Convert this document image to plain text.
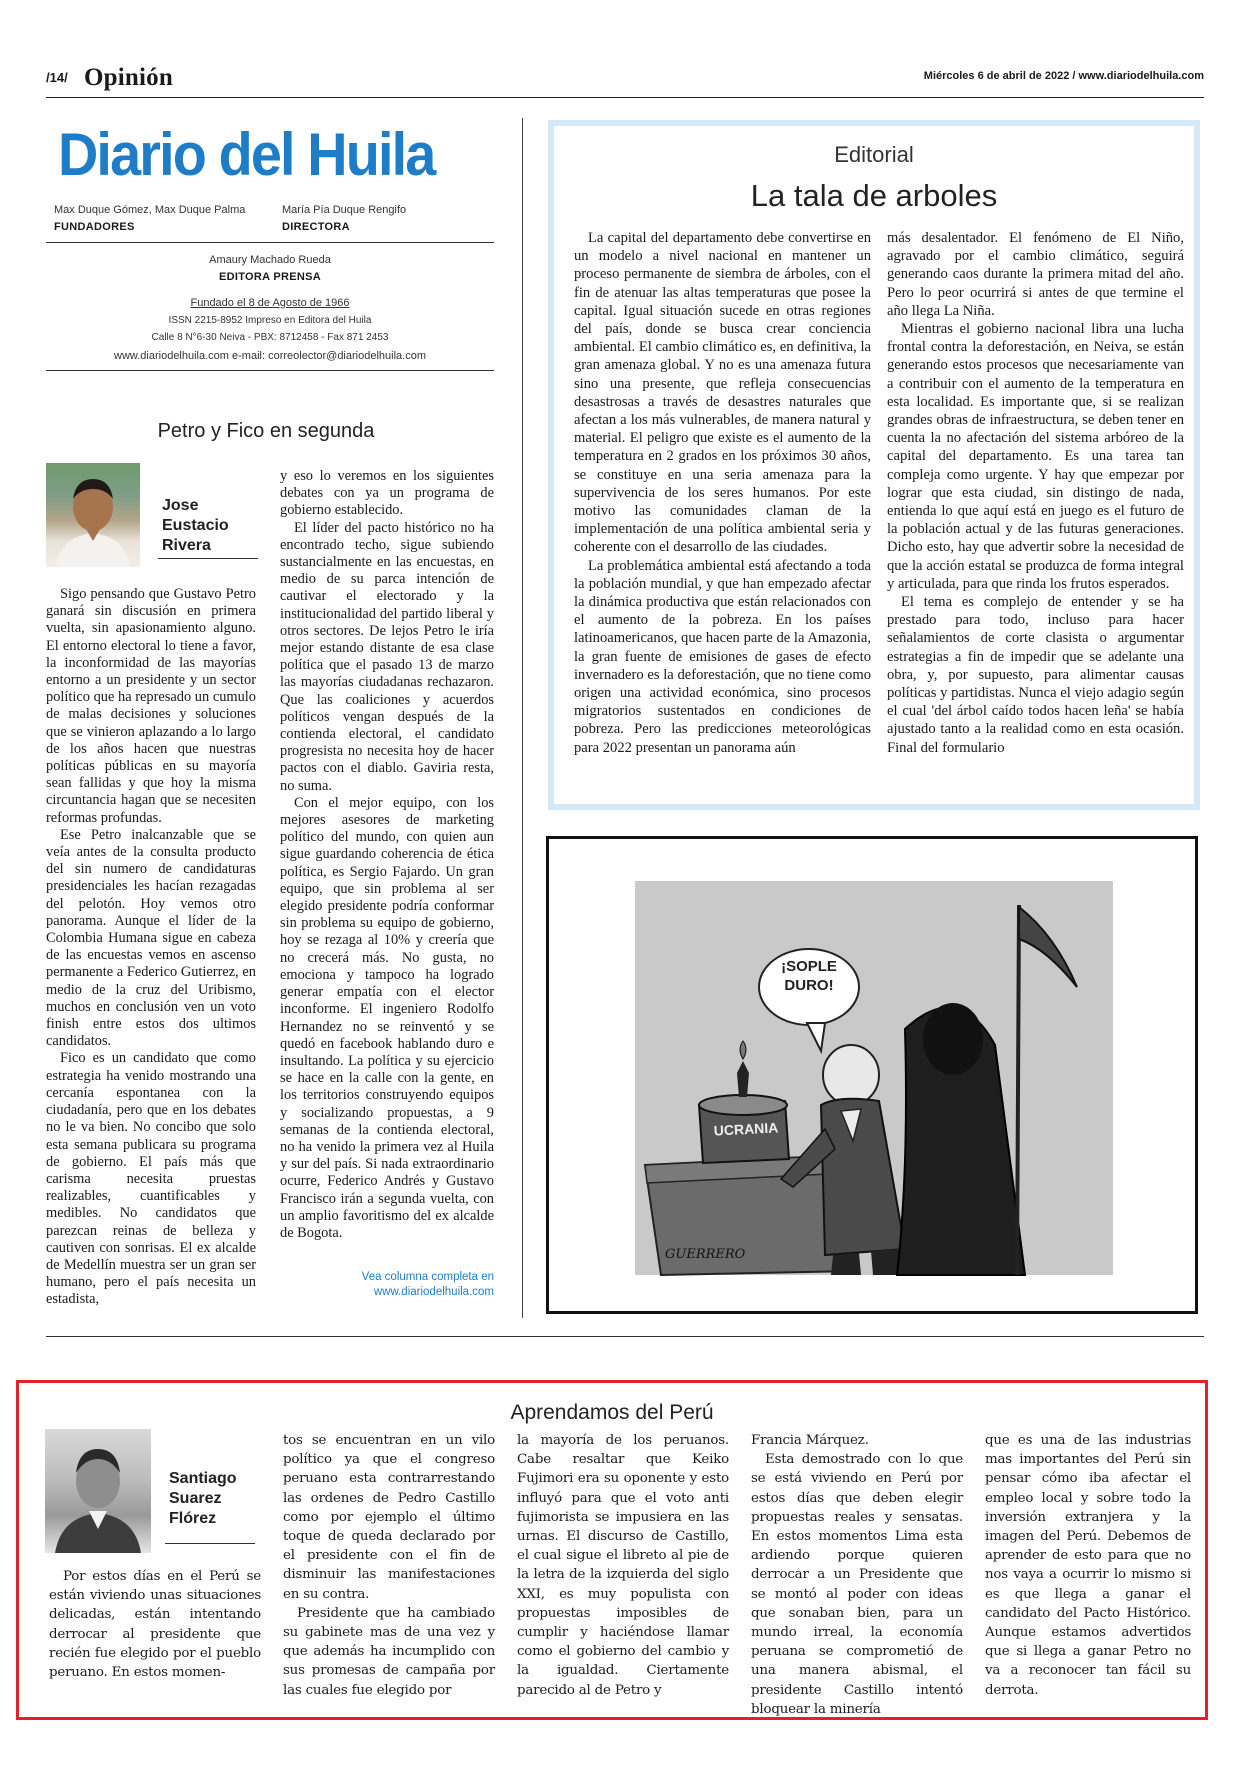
/14/ Opinión	Miércoles 6 de abril de 2022 / www.diariodelhuila.com
Diario del Huila
Max Duque Gómez, Max Duque Palma
FUNDADORES
María Pía Duque Rengifo
DIRECTORA
Amaury Machado Rueda
EDITORA PRENSA
Fundado el 8 de Agosto de 1966
ISSN 2215-8952 Impreso en Editora del Huila
Calle 8 N°6-30 Neiva - PBX: 8712458 - Fax 871 2453
www.diariodelhuila.com e-mail: correolector@diariodelhuila.com
Editorial
La tala de arboles

La capital del departamento debe convertirse en un modelo a nivel nacional en mantener un proceso permanente de siembra de árboles, con el fin de atenuar las altas temperaturas que posee la capital. Igual situación sucede en otras regiones del país, donde se busca crear conciencia ambiental. El cambio climático es, en definitiva, la gran amenaza global. Y no es una amenaza futura sino una presente, que refleja consecuencias desastrosas a través de desastres naturales que afectan a los más vulnerables, de manera natural y material. El peligro que existe es el aumento de la temperatura en 2 grados en los próximos 30 años, se constituye en una seria amenaza para la supervivencia de los seres humanos. Por este motivo las comunidades claman de la implementación de una política ambiental seria y coherente con el desarrollo de las ciudades.

La problemática ambiental está afectando a toda la población mundial, y que han empezado afectar la dinámica productiva que están relacionados con el aumento de la pobreza. En los países latinoamericanos, que hacen parte de la Amazonia, la gran fuente de emisiones de gases de efecto invernadero es la deforestación, que no tiene como origen una actividad económica, sino procesos migratorios sustentados en condiciones de pobreza. Pero las predicciones meteorológicas para 2022 presentan un panorama aún

más desalentador. El fenómeno de El Niño, agravado por el cambio climático, seguirá generando caos durante la primera mitad del año. Pero lo peor ocurrirá si antes de que termine el año llega La Niña.

Mientras el gobierno nacional libra una lucha frontal contra la deforestación, en Neiva, se están generando estos procesos que necesariamente van a contribuir con el aumento de la temperatura en esta localidad. Es importante que, si se realizan grandes obras de infraestructura, se deben tener en cuenta la no afectación del sistema arbóreo de la capital del departamento. Es una tarea tan compleja como urgente. Y hay que empezar por lograr que esta ciudad, sin distingo de nada, entienda lo que aquí está en juego es el futuro de la población actual y de las futuras generaciones. Dicho esto, hay que advertir sobre la necesidad de que la acción estatal se produzca de forma integral y articulada, para que rinda los frutos esperados.

El tema es complejo de entender y se ha prestado para todo, incluso para hacer señalamientos de corte clasista o argumentar estrategias a fin de impedir que se adelante una obra, y, por supuesto, para alimentar causas políticas y partidistas. Nunca el viejo adagio según el cual 'del árbol caído todos hacen leña' se había ajustado tanto a la realidad como en esta ocasión. Final del formulario

Petro y Fico en segunda
Jose
Eustacio
Rivera

Sigo pensando que Gustavo Petro ganará sin discusión en primera vuelta, sin apasionamiento alguno. El entorno electoral lo tiene a favor, la inconformidad de las mayorías entorno a un presidente y un sector político que ha represado un cumulo de malas decisiones y soluciones que se vinieron aplazando a lo largo de los años hacen que nuestras políticas públicas en su mayoría sean fallidas y que hoy la misma circuntancia hagan que se necesiten reformas profundas.

Ese Petro inalcanzable que se veía antes de la consulta producto del sin numero de candidaturas presidenciales les hacían rezagadas del pelotón. Hoy vemos otro panorama. Aunque el líder de la Colombia Humana sigue en cabeza de las encuestas vemos en ascenso permanente a Federico Gutierrez, en medio de la cruz del Uribismo, muchos en conclusión ven un voto finish entre estos dos ultimos candidatos.

Fico es un candidato que como estrategia ha venido mostrando una cercanía espontanea con la ciudadanía, pero que en los debates no le va bien. No concibo que solo esta semana publicara su programa de gobierno. El país más que carisma necesita pruestas realizables, cuantificables y medibles. No candidatos que parezcan reinas de belleza y cautiven con sonrisas. El ex alcalde de Medellín muestra ser un gran ser humano, pero el país necesita un estadista,

y eso lo veremos en los siguientes debates con ya un programa de gobierno establecido.

El líder del pacto histórico no ha encontrado techo, sigue subiendo sustancialmente en las encuestas, en medio de su parca intención de cautivar el electorado y la institucionalidad del partido liberal y otros sectores. De lejos Petro le iría mejor estando distante de esa clase política que el pasado 13 de marzo las mayorías ciudadanas rechazaron. Que las coaliciones y acuerdos políticos vengan después de la contienda electoral, el candidato progresista no necesita hoy de hacer pactos con el diablo. Gaviria resta, no suma.

Con el mejor equipo, con los mejores asesores de marketing político del mundo, con quien aun sigue guardando coherencia de ética política, es Sergio Fajardo. Un gran equipo, que sin problema al ser elegido presidente podría conformar sin problema su equipo de gobierno, hoy se rezaga al 10% y creería que no crecerá más. No gusta, no emociona y tampoco ha logrado generar empatía con el elector inconforme. El ingeniero Rodolfo Hernandez no se reinventó y se quedó en facebook hablando duro e insultando. La política y su ejercicio se hace en la calle con la gente, en los territorios construyendo equipos y socializando propuestas, a 9 semanas de la contienda electoral, no ha venido la primera vez al Huila y sur del país. Si nada extraordinario ocurre, Federico Andrés y Gustavo Francisco irán a segunda vuelta, con un amplio favoritismo del ex alcalde de Bogota.

Vea columna completa en
www.diariodelhuila.com
¡SOPLE DURO!
UCRANIA
GUERRERO
Aprendamos del Perú
Santiago
Suarez
Flórez

Por estos días en el Perú se están viviendo unas situaciones delicadas, están intentando derrocar al presidente que recién fue elegido por el pueblo peruano. En estos momen-

tos se encuentran en un vilo político ya que el congreso peruano esta contrarrestando las ordenes de Pedro Castillo como por ejemplo el último toque de queda declarado por el presidente con el fin de disminuir las manifestaciones en su contra.

Presidente que ha cambiado su gabinete mas de una vez y que además ha incumplido con sus promesas de campaña por las cuales fue elegido por

la mayoría de los peruanos. Cabe resaltar que Keiko Fujimori era su oponente y esto influyó para que el voto anti fujimorista se impusiera en las urnas. El discurso de Castillo, el cual sigue el libreto al pie de la letra de la izquierda del siglo XXI, es muy populista con propuestas imposibles de cumplir y haciéndose llamar como el gobierno del cambio y la igualdad. Ciertamente parecido al de Petro y

Francia Márquez.

Esta demostrado con lo que se está viviendo en Perú por estos días que deben elegir propuestas reales y sensatas. En estos momentos Lima esta ardiendo porque quieren derrocar a un Presidente que se montó al poder con ideas que sonaban bien, para un mundo irreal, la economía peruana se comprometió de una manera abismal, el presidente Castillo intentó bloquear la minería

que es una de las industrias mas importantes del Perú sin pensar cómo iba afectar el empleo local y sobre todo la inversión extranjera y la imagen del Perú. Debemos de aprender de esto para que no nos vaya a ocurrir lo mismo si es que llega a ganar el candidato del Pacto Histórico. Aunque estamos advertidos que si llega a ganar Petro no va a reconocer tan fácil su derrota.
